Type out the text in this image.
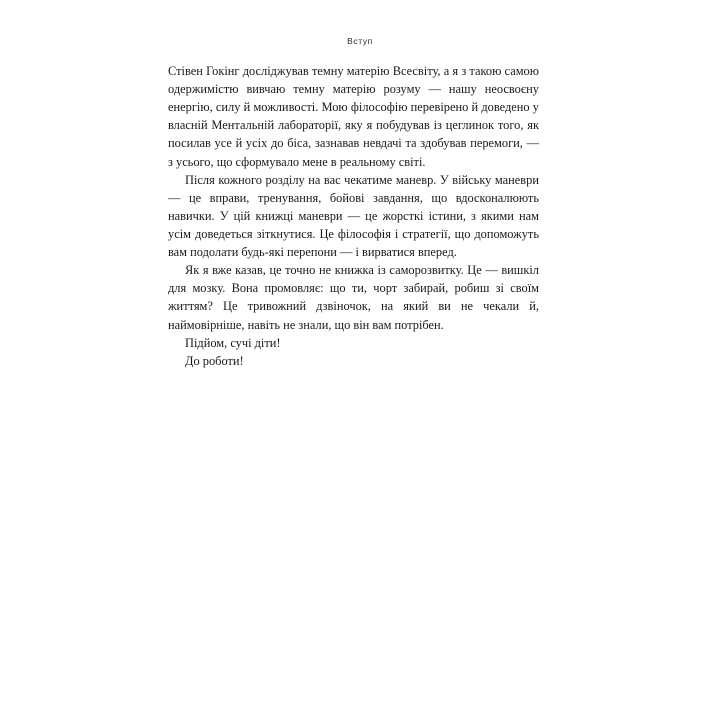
Вступ

Стівен Гокінг досліджував темну матерію Всесвіту, а я з такою самою одержимістю вивчаю темну матерію розуму — нашу неосвоєну енергію, силу й можливості. Мою філософію перевірено й доведено у власній Ментальній лабораторії, яку я побудував із цеглинок того, як посилав усе й усіх до біса, зазнавав невдачі та здобував перемоги, — з усього, що сформувало мене в реальному світі.

Після кожного розділу на вас чекатиме маневр. У війську маневри — це вправи, тренування, бойові завдання, що вдосконалюють навички. У цій книжці маневри — це жорсткі істини, з якими нам усім доведеться зіткнутися. Це філософія і стратегії, що допоможуть вам подолати будь-які перепони — і вирватися вперед.

Як я вже казав, це точно не книжка із саморозвитку. Це — вишкіл для мозку. Вона промовляє: що ти, чорт забирай, робиш зі своїм життям? Це тривожний дзвіночок, на який ви не чекали й, наймовірніше, навіть не знали, що він вам потрібен.

Підйом, сучі діти!

До роботи!
